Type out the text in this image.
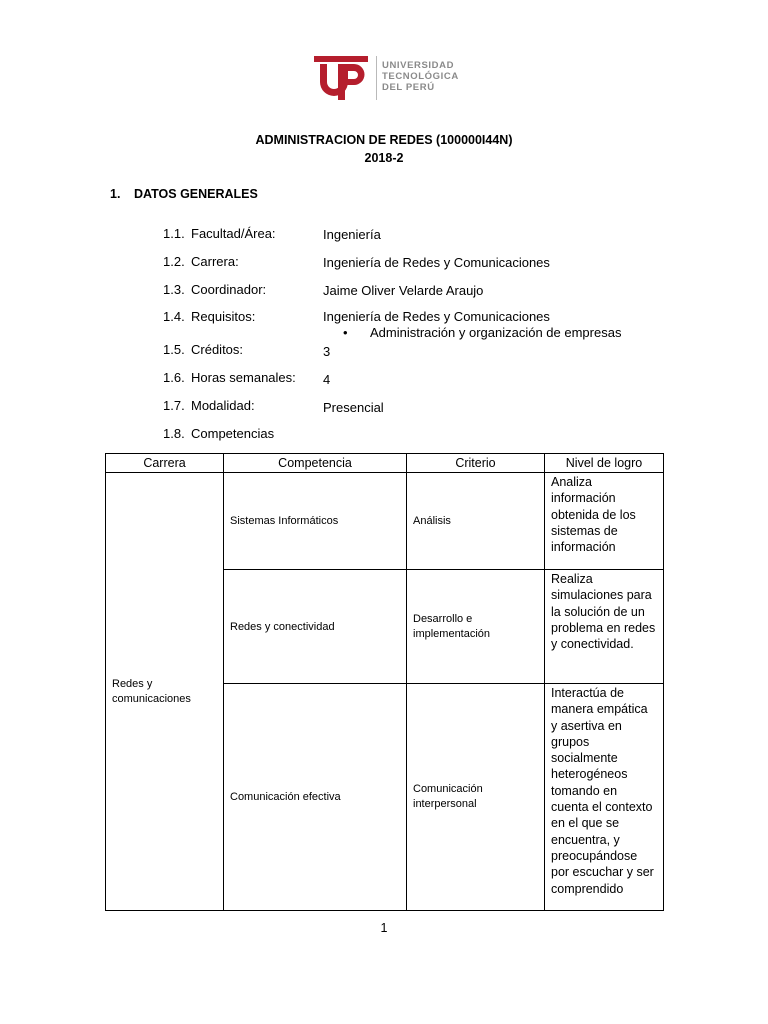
UNIVERSIDAD
TECNOLÓGICA
DEL PERÚ
ADMINISTRACION DE REDES (100000I44N)
2018-2
1. DATOS GENERALES
1.1. Facultad/Área:	Ingeniería
1.2. Carrera:	Ingeniería de Redes y Comunicaciones
1.3. Coordinador:	Jaime Oliver Velarde Araujo
1.4. Requisitos:	Ingeniería de Redes y Comunicaciones
• Administración y organización de empresas
1.5. Créditos:	3
1.6. Horas semanales: 4
1.7. Modalidad:	Presencial
1.8. Competencias
Carrera	Competencia	Criterio	Nivel de logro
Redes y comunicaciones	Sistemas Informáticos	Análisis	Analiza información obtenida de los sistemas de información
	Redes y conectividad	Desarrollo e implementación	Realiza simulaciones para la solución de un problema en redes y conectividad.
	Comunicación efectiva	Comunicación interpersonal	Interactúa de manera empática y asertiva en grupos socialmente heterogéneos tomando en cuenta el contexto en el que se encuentra, y preocupándose por escuchar y ser comprendido
1
